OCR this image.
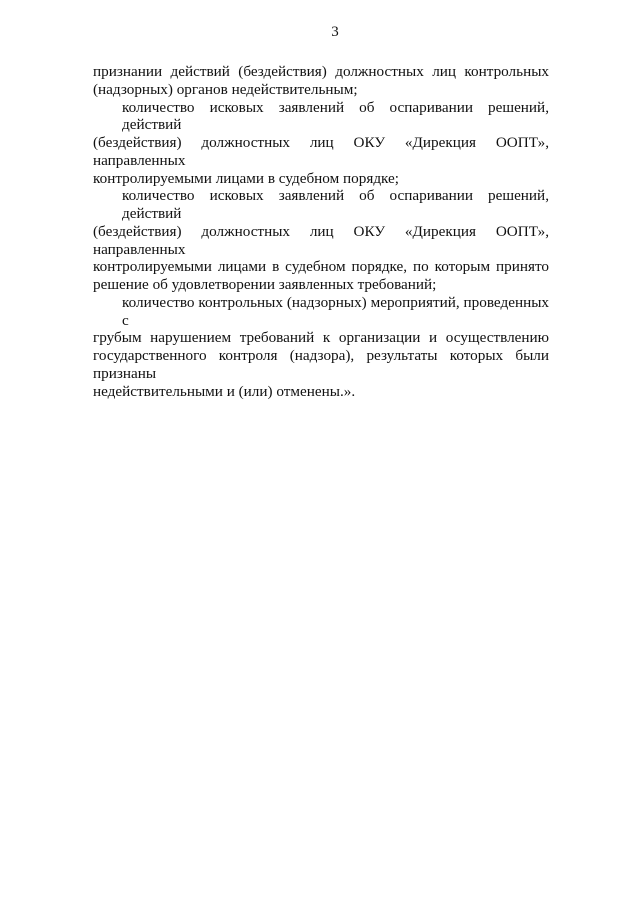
3
признании действий (бездействия) должностных лиц контрольных
(надзорных) органов недействительным;
количество исковых заявлений об оспаривании решений, действий
(бездействия) должностных лиц ОКУ «Дирекция ООПТ», направленных
контролируемыми лицами в судебном порядке;
количество исковых заявлений об оспаривании решений, действий
(бездействия) должностных лиц ОКУ «Дирекция ООПТ», направленных
контролируемыми лицами в судебном порядке, по которым принято
решение об удовлетворении заявленных требований;
количество контрольных (надзорных) мероприятий, проведенных с
грубым нарушением требований к организации и осуществлению
государственного контроля (надзора), результаты которых были признаны
недействительными и (или) отменены.».
